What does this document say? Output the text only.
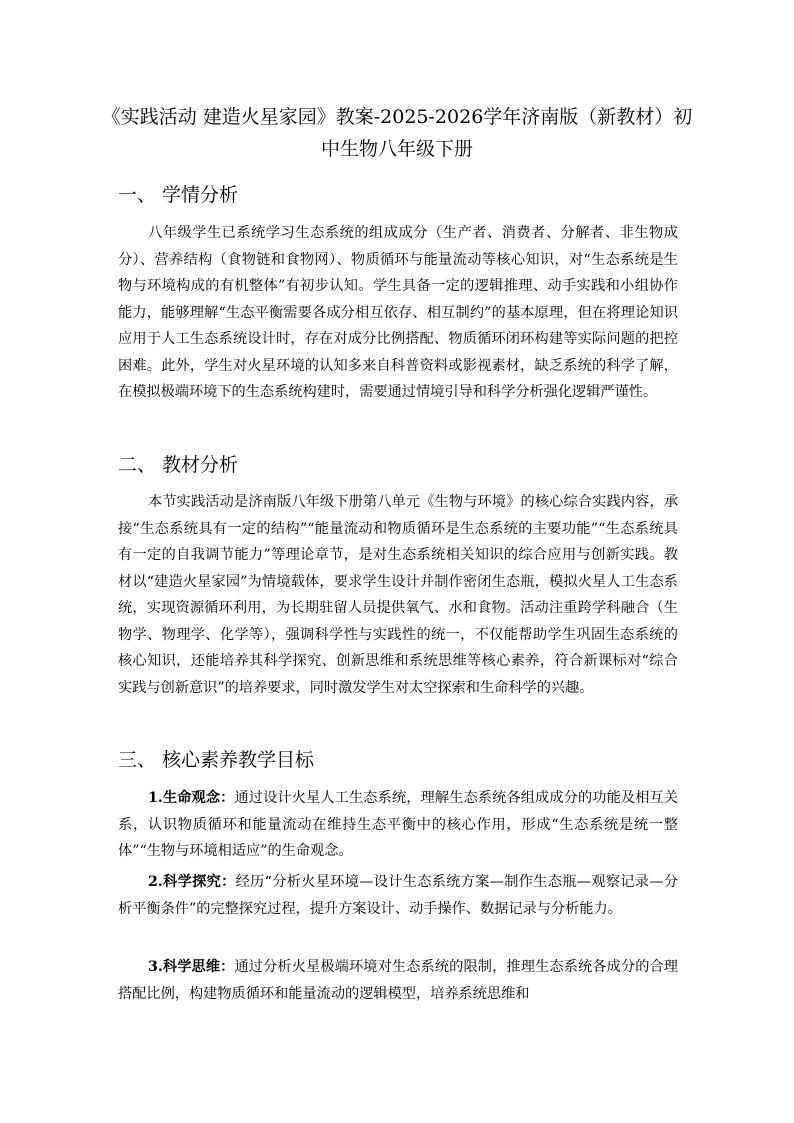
《实践活动 建造火星家园》教案-2025-2026学年济南版（新教材）初中生物八年级下册
一、 学情分析

八年级学生已系统学习生态系统的组成成分（生产者、消费者、分解者、非生物成分）、营养结构（食物链和食物网）、物质循环与能量流动等核心知识，对“生态系统是生物与环境构成的有机整体”有初步认知。学生具备一定的逻辑推理、动手实践和小组协作能力，能够理解“生态平衡需要各成分相互依存、相互制约”的基本原理，但在将理论知识应用于人工生态系统设计时，存在对成分比例搭配、物质循环闭环构建等实际问题的把控困难。此外，学生对火星环境的认知多来自科普资料或影视素材，缺乏系统的科学了解，在模拟极端环境下的生态系统构建时，需要通过情境引导和科学分析强化逻辑严谨性。

二、 教材分析

本节实践活动是济南版八年级下册第八单元《生物与环境》的核心综合实践内容，承接“生态系统具有一定的结构”“能量流动和物质循环是生态系统的主要功能”“生态系统具有一定的自我调节能力”等理论章节，是对生态系统相关知识的综合应用与创新实践。教材以“建造火星家园”为情境载体，要求学生设计并制作密闭生态瓶，模拟火星人工生态系统，实现资源循环利用，为长期驻留人员提供氧气、水和食物。活动注重跨学科融合（生物学、物理学、化学等），强调科学性与实践性的统一，不仅能帮助学生巩固生态系统的核心知识，还能培养其科学探究、创新思维和系统思维等核心素养，符合新课标对“综合实践与创新意识”的培养要求，同时激发学生对太空探索和生命科学的兴趣。

三、 核心素养教学目标

1.生命观念：通过设计火星人工生态系统，理解生态系统各组成成分的功能及相互关系，认识物质循环和能量流动在维持生态平衡中的核心作用，形成“生态系统是统一整体”“生物与环境相适应”的生命观念。

2.科学探究：经历“分析火星环境—设计生态系统方案—制作生态瓶—观察记录—分析平衡条件”的完整探究过程，提升方案设计、动手操作、数据记录与分析能力。

3.科学思维：通过分析火星极端环境对生态系统的限制，推理生态系统各成分的合理搭配比例，构建物质循环和能量流动的逻辑模型，培养系统思维和
